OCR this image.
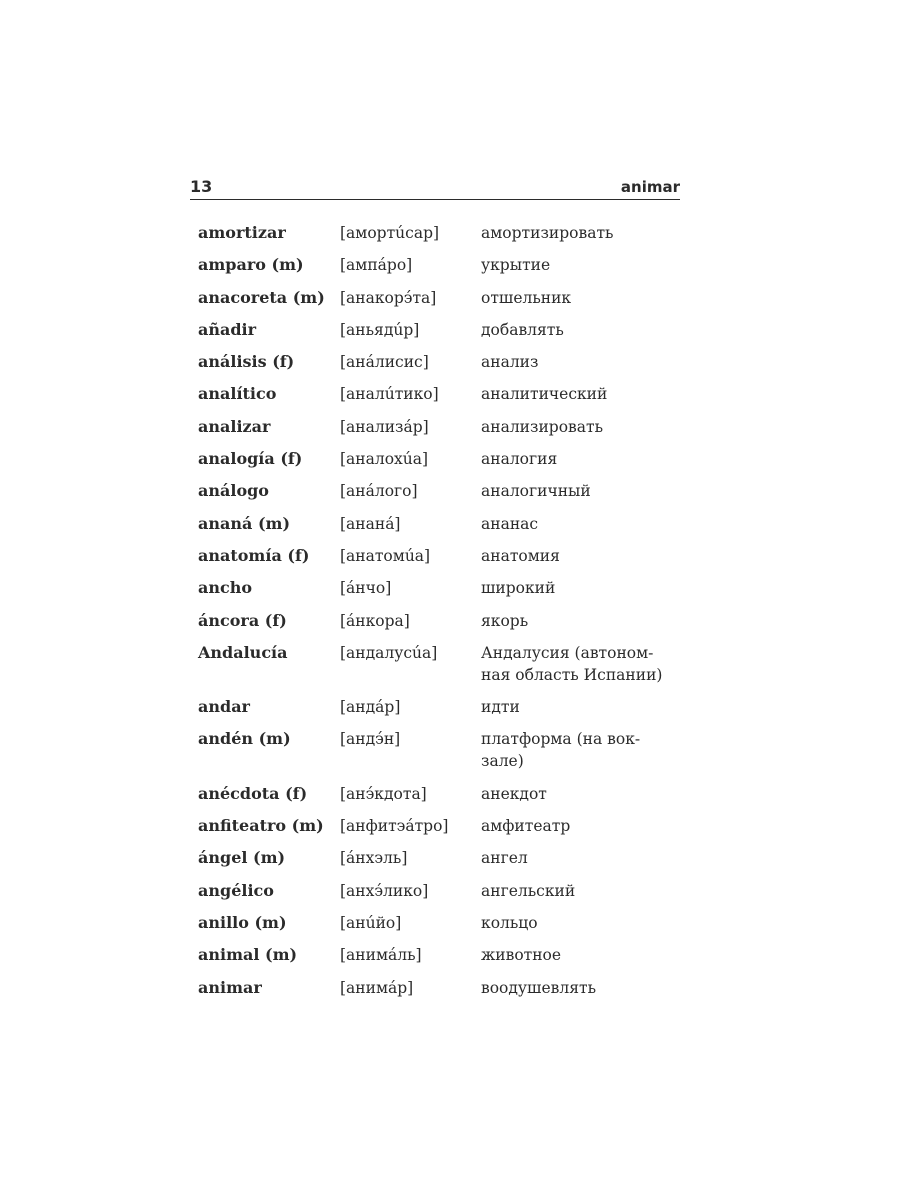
13	animar
amortizar	[амортúсар]	амортизировать
amparo (m)	[ампáро]	укрытие
anacoreta (m) [анакорэ́та]	отшельник
añadir	[аньядúр]	добавлять
análisis (f)	[анáлисис]	анализ
analítico	[аналúтико]	аналитический
analizar	[анализáр]	анализировать
analogía (f)	[аналохúа]	аналогия
análogo	[анáлого]	аналогичный
ananá (m)	[ананá]	ананас
anatomía (f)	[анатомúа]	анатомия
ancho	[áнчо]	широкий
áncora (f)	[áнкора]	якорь
Andalucía	[андалусúа]	Андалусия (автоном-ная область Испании)
andar	[андáр]	идти
andén (m)	[андэ́н]	платформа (на вок-зале)
anécdota (f)	[анэ́кдота]	анекдот
anfiteatro (m)	[анфитэáтро]	амфитеатр
ángel (m)	[áнхэль]	ангел
angélico	[анхэ́лико]	ангельский
anillo (m)	[анúйо]	кольцо
animal (m)	[анимáль]	животное
animar	[анимáр]	воодушевлять
